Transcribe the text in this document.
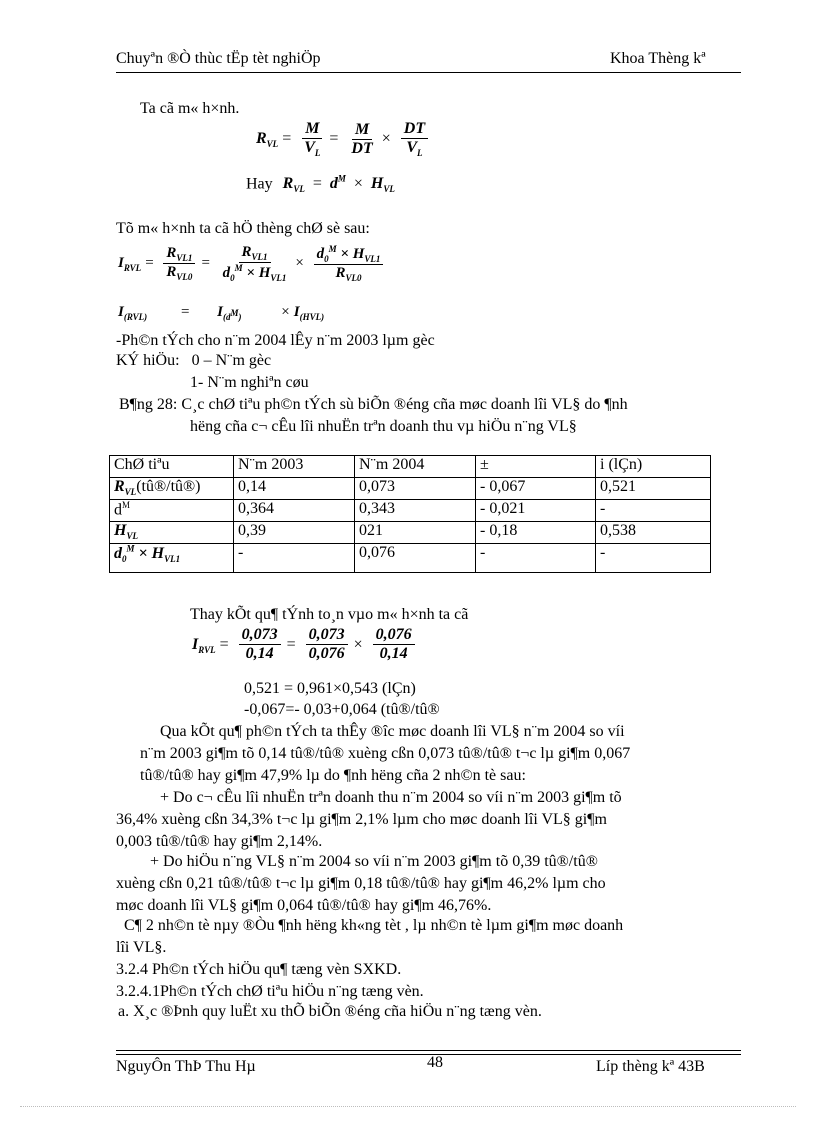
Chuyªn ®Ò thùc tËp tèt nghiÖp	Khoa Thèng kª
Ta cã m« h×nh.
$R_{VL} = \frac{M}{V_L} = \frac{M}{DT} \times \frac{DT}{V_L}$
Hay $R_{VL} = d^M \times H_{VL}$
Tõ m« h×nh ta cã hÖ thèng chØ sè sau:
$I_{RVL} = \frac{R_{VL1}}{R_{VL0}} = \frac{R_{VL1}}{d_0^M \times H_{VL1}} \times \frac{d_0^M \times H_{VL1}}{R_{VL0}}$
$I_{(RVL)} = I_{(d^M)}$	× $I_{(HVL)}$
-Ph©n tÝch cho n¨m 2004 lÊy n¨m 2003 lµm gèc
KÝ hiÖu: 0 – N¨m gèc
1- N¨m nghiªn cøu
B¶ng 28: C¸c chØ tiªu ph©n tÝch sù biÕn ®éng cña møc doanh lîi VL§ do ¶nh
hëng cña c¬ cÊu lîi nhuËn trªn doanh thu vµ hiÖu n¨ng VL§
ChØ tiªu	N¨m 2003	N¨m 2004	±	i (lÇn)
$R_{VL}(tû®/tû®)$	0,14	0,073	- 0,067	0,521
$d^M$	0,364	0,343	- 0,021	-
$H_{VL}$	0,39	021	- 0,18	0,538
$d_0^M \times H_{VL1}$	-	0,076	-	-
Thay kÕt qu¶ tÝnh to¸n vµo m« h×nh ta cã
$I_{RVL} = \frac{0,073}{0,14} = \frac{0,073}{0,076} \times \frac{0,076}{0,14}$
0,521 = 0,961×0,543 (lÇn)
-0,067=- 0,03+0,064 (tû®/tû®
Qua kÕt qu¶ ph©n tÝch ta thÊy ®îc møc doanh lîi VL§ n¨m 2004 so víi
n¨m 2003 gi¶m tõ 0,14 tû®/tû® xuèng cßn 0,073 tû®/tû® t¬c lµ gi¶m 0,067
tû®/tû® hay gi¶m 47,9% lµ do ¶nh hëng cña 2 nh©n tè sau:
+ Do c¬ cÊu lîi nhuËn trªn doanh thu n¨m 2004 so víi n¨m 2003 gi¶m tõ
36,4% xuèng cßn 34,3% t¬c lµ gi¶m 2,1% lµm cho møc doanh lîi VL§ gi¶m
0,003 tû®/tû® hay gi¶m 2,14%.
+ Do hiÖu n¨ng VL§ n¨m 2004 so víi n¨m 2003 gi¶m tõ 0,39 tû®/tû®
xuèng cßn 0,21 tû®/tû® t¬c lµ gi¶m 0,18 tû®/tû® hay gi¶m 46,2% lµm cho
møc doanh lîi VL§ gi¶m 0,064 tû®/tû® hay gi¶m 46,76%.
C¶ 2 nh©n tè nµy ®Òu ¶nh hëng kh«ng tèt , lµ nh©n tè lµm gi¶m møc doanh
lîi VL§.
3.2.4 Ph©n tÝch hiÖu qu¶ tæng vèn SXKD.
3.2.4.1Ph©n tÝch chØ tiªu hiÖu n¨ng tæng vèn.
a. X¸c ®Þnh quy luËt xu thÕ biÕn ®éng cña hiÖu n¨ng tæng vèn.
NguyÔn ThÞ Thu Hµ	48	Líp thèng kª 43B
